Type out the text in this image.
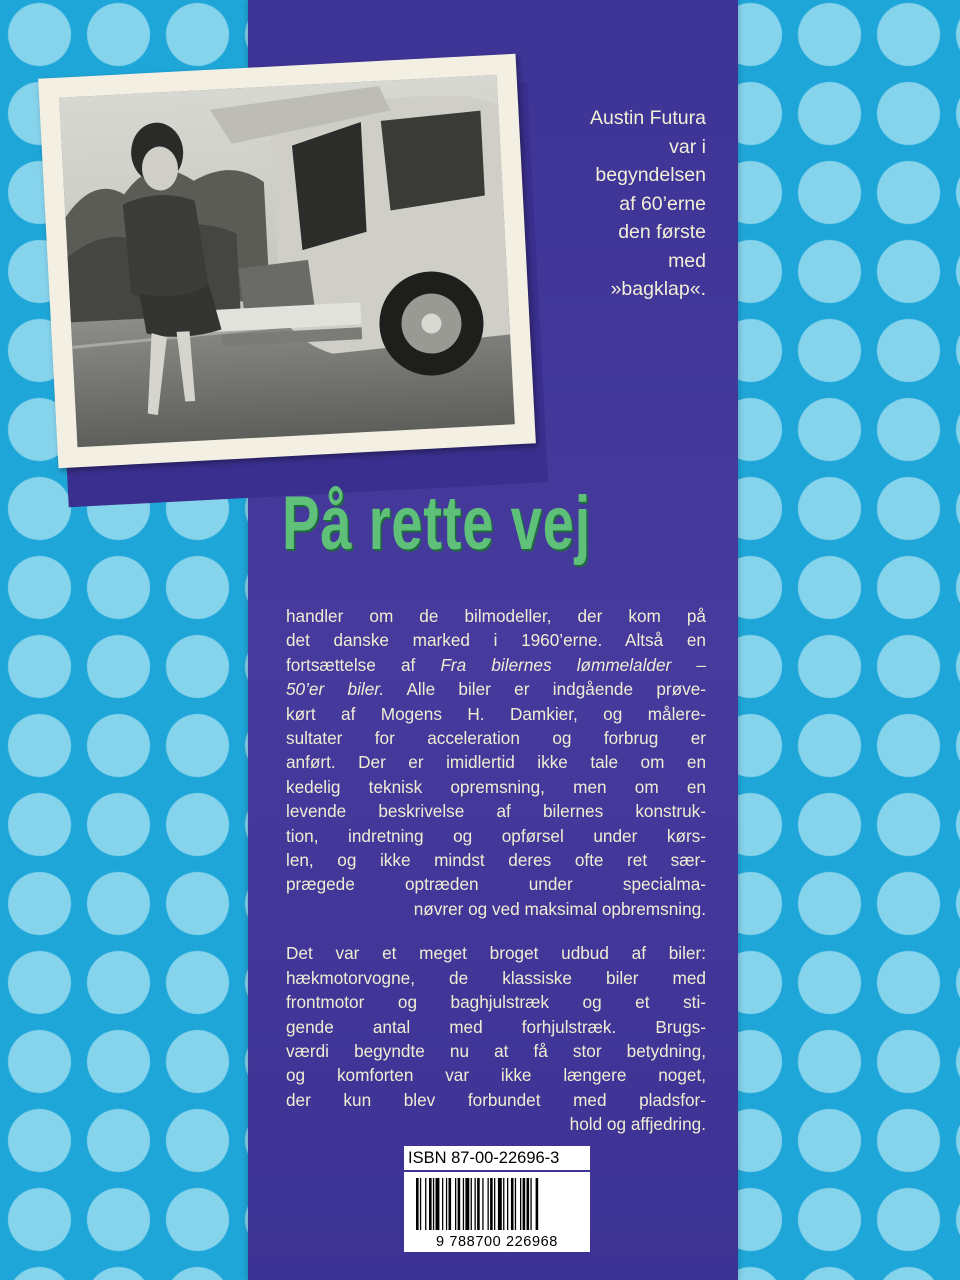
Austin Futura
var i
begyndelsen
af 60’erne
den første
med
»bagklap«.
På rette vej
handler om de bilmodeller, der kom på
det danske marked i 1960’erne. Altså en
fortsættelse af Fra bilernes lømmelalder –
50’er biler. Alle biler er indgående prøve-
kørt af Mogens H. Damkier, og målere-
sultater for acceleration og forbrug er
anført. Der er imidlertid ikke tale om en
kedelig teknisk opremsning, men om en
levende beskrivelse af bilernes konstruk-
tion, indretning og opførsel under kørs-
len, og ikke mindst deres ofte ret sær-
prægede optræden under specialma-
nøvrer og ved maksimal opbremsning.
Det var et meget broget udbud af biler:
hækmotorvogne, de klassiske biler med
frontmotor og baghjulstræk og et sti-
gende antal med forhjulstræk. Brugs-
værdi begyndte nu at få stor betydning,
og komforten var ikke længere noget,
der kun blev forbundet med pladsfor-
hold og affjedring.
ISBN 87-00-22696-3
9 788700 226968
